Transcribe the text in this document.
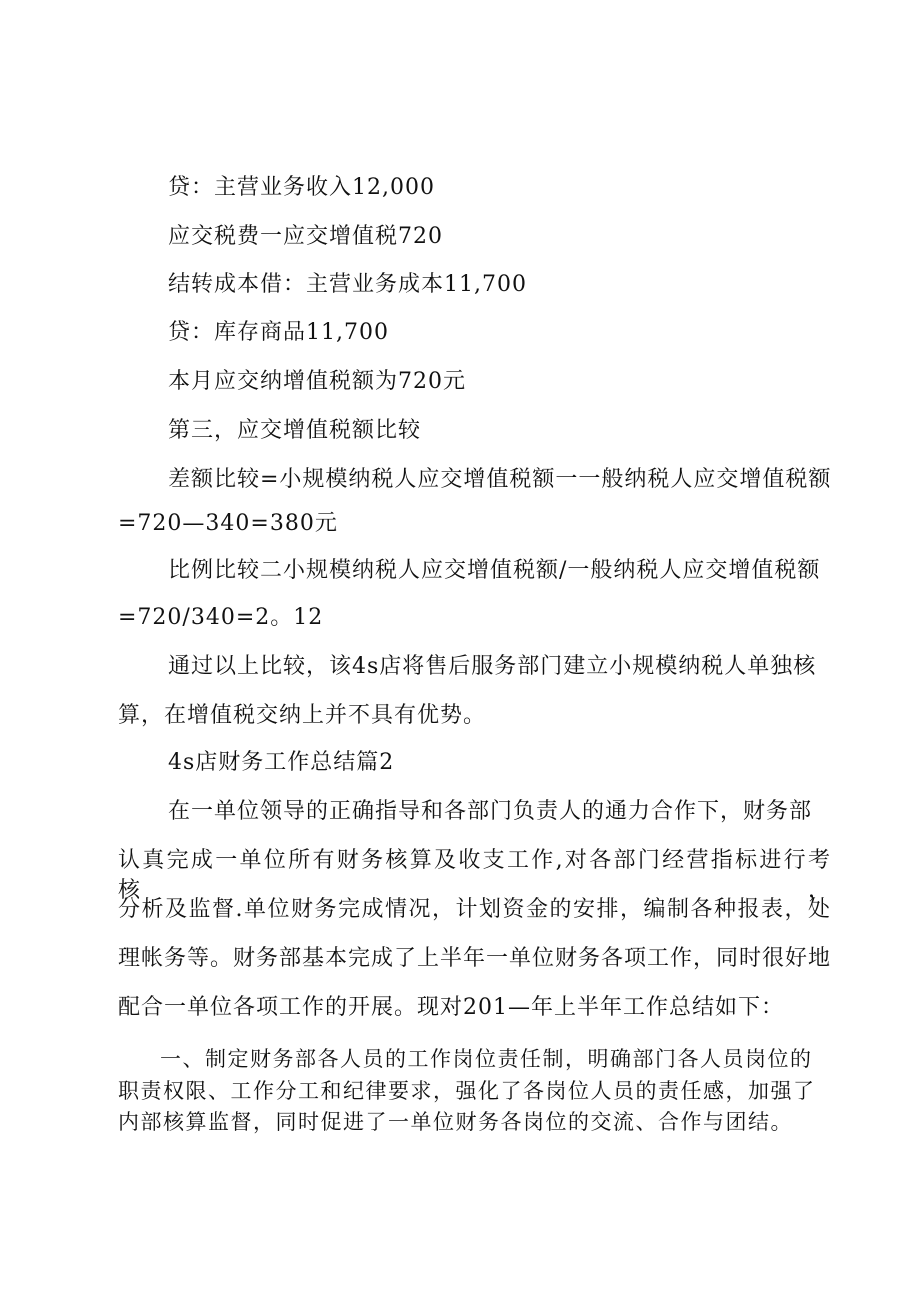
贷：主营业务收入12,000
应交税费一应交增值税720
结转成本借：主营业务成本11,700
贷：库存商品11,700
本月应交纳增值税额为720元
第三，应交增值税额比较
差额比较=小规模纳税人应交增值税额一一般纳税人应交增值税额
=720—340=380元
比例比较二小规模纳税人应交增值税额/一般纳税人应交增值税额
=720/340=2。12
通过以上比较，该4s店将售后服务部门建立小规模纳税人单独核
算，在增值税交纳上并不具有优势。
4s店财务工作总结篇2
在一单位领导的正确指导和各部门负责人的通力合作下，财务部
认真完成一单位所有财务核算及收支工作,对各部门经营指标进行考核，
分析及监督.单位财务完成情况，计划资金的安排，编制各种报表，处
理帐务等。财务部基本完成了上半年一单位财务各项工作，同时很好地
配合一单位各项工作的开展。现对201—年上半年工作总结如下：
一、制定财务部各人员的工作岗位责任制，明确部门各人员岗位的
职责权限、工作分工和纪律要求，强化了各岗位人员的责任感，加强了
内部核算监督，同时促进了一单位财务各岗位的交流、合作与团结。
